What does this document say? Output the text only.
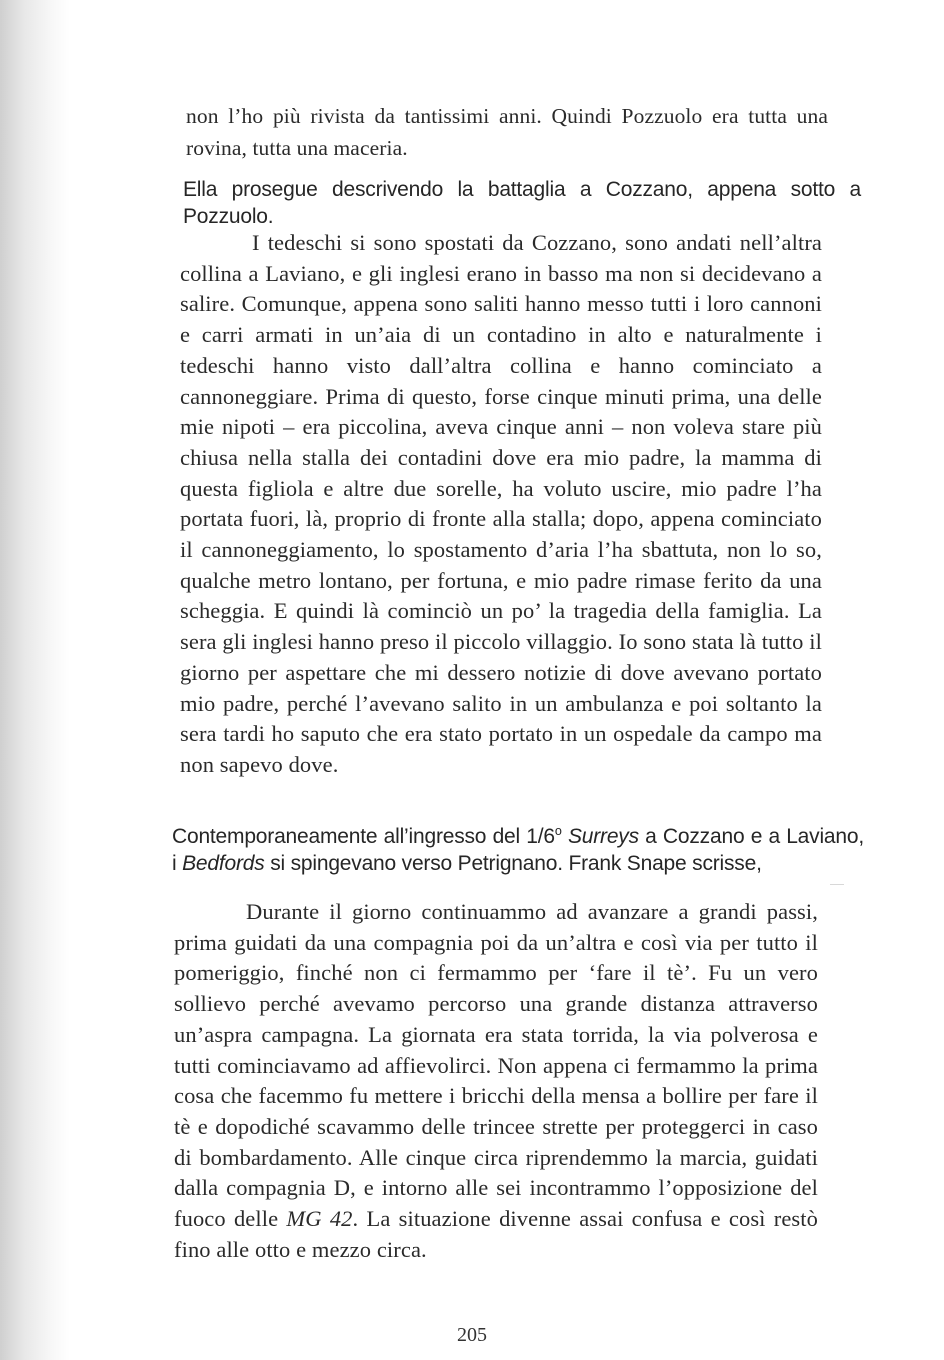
non l’ho più rivista da tantissimi anni. Quindi Pozzuolo era tutta una rovina, tutta una maceria.

Ella prosegue descrivendo la battaglia a Cozzano, appena sotto a Pozzuolo.

I tedeschi si sono spostati da Cozzano, sono andati nell’altra collina a Laviano, e gli inglesi erano in basso ma non si decidevano a salire. Comunque, appena sono saliti hanno messo tutti i loro cannoni e carri armati in un’aia di un contadino in alto e naturalmente i tedeschi hanno visto dall’altra collina e hanno cominciato a cannoneggiare. Prima di questo, forse cinque minuti prima, una delle mie nipoti – era piccolina, aveva cinque anni – non voleva stare più chiusa nella stalla dei contadini dove era mio padre, la mamma di questa figliola e altre due sorelle, ha voluto uscire, mio padre l’ha portata fuori, là, proprio di fronte alla stalla; dopo, appena cominciato il cannoneggiamento, lo spostamento d’aria l’ha sbattuta, non lo so, qualche metro lontano, per fortuna, e mio padre rimase ferito da una scheggia. E quindi là cominciò un po’ la tragedia della famiglia. La sera gli inglesi hanno preso il piccolo villaggio. Io sono stata là tutto il giorno per aspettare che mi dessero notizie di dove avevano portato mio padre, perché l’avevano salito in un ambulanza e poi soltanto la sera tardi ho saputo che era stato portato in un ospedale da campo ma non sapevo dove.

Contemporaneamente all’ingresso del 1/6$^o$ Surreys a Cozzano e a Laviano, i Bedfords si spingevano verso Petrignano. Frank Snape scrisse,

Durante il giorno continuammo ad avanzare a grandi passi, prima guidati da una compagnia poi da un’altra e così via per tutto il pomeriggio, finché non ci fermammo per ‘fare il tè’. Fu un vero sollievo perché avevamo percorso una grande distanza attraverso un’aspra campagna. La giornata era stata torrida, la via polverosa e tutti cominciavamo ad affievolirci. Non appena ci fermammo la prima cosa che facemmo fu mettere i bricchi della mensa a bollire per fare il tè e dopodiché scavammo delle trincee strette per proteggerci in caso di bombardamento. Alle cinque circa riprendemmo la marcia, guidati dalla compagnia D, e intorno alle sei incontrammo l’opposizione del fuoco delle MG 42. La situazione divenne assai confusa e così restò fino alle otto e mezzo circa.

205
